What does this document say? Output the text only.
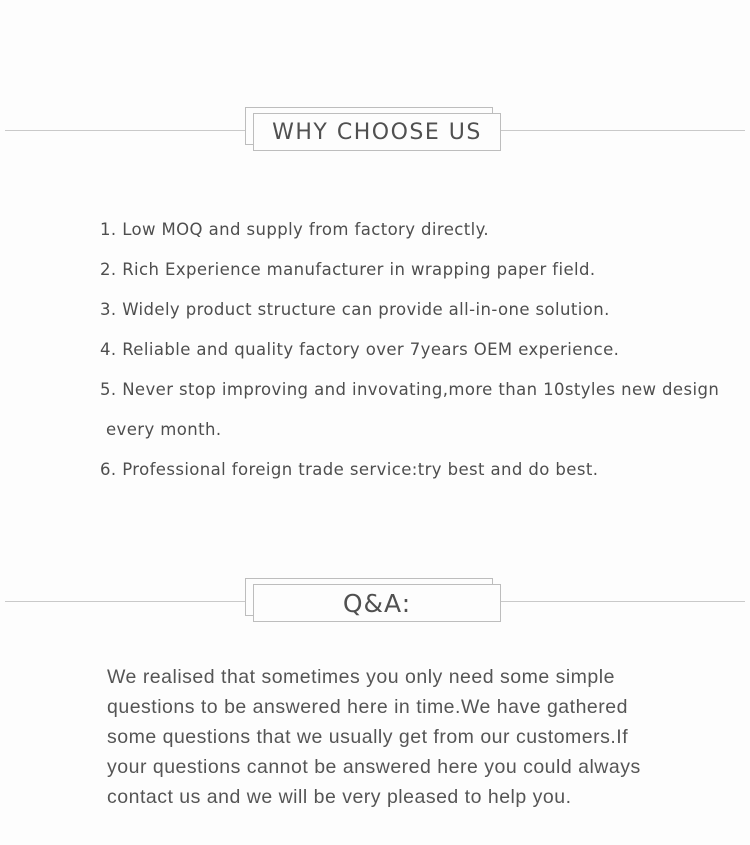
WHY CHOOSE US
1. Low MOQ and supply from factory directly.
2. Rich Experience manufacturer in wrapping paper field.
3. Widely product structure can provide all-in-one solution.
4. Reliable and quality factory over 7years OEM experience.
5. Never stop improving and invovating,more than 10styles new design
every month.
6. Professional foreign trade service:try best and do best.
Q&A:
We realised that sometimes you only need some simple
questions to be answered here in time.We have gathered
some questions that we usually get from our customers.If
your questions cannot be answered here you could always
contact us and we will be very pleased to help you.
